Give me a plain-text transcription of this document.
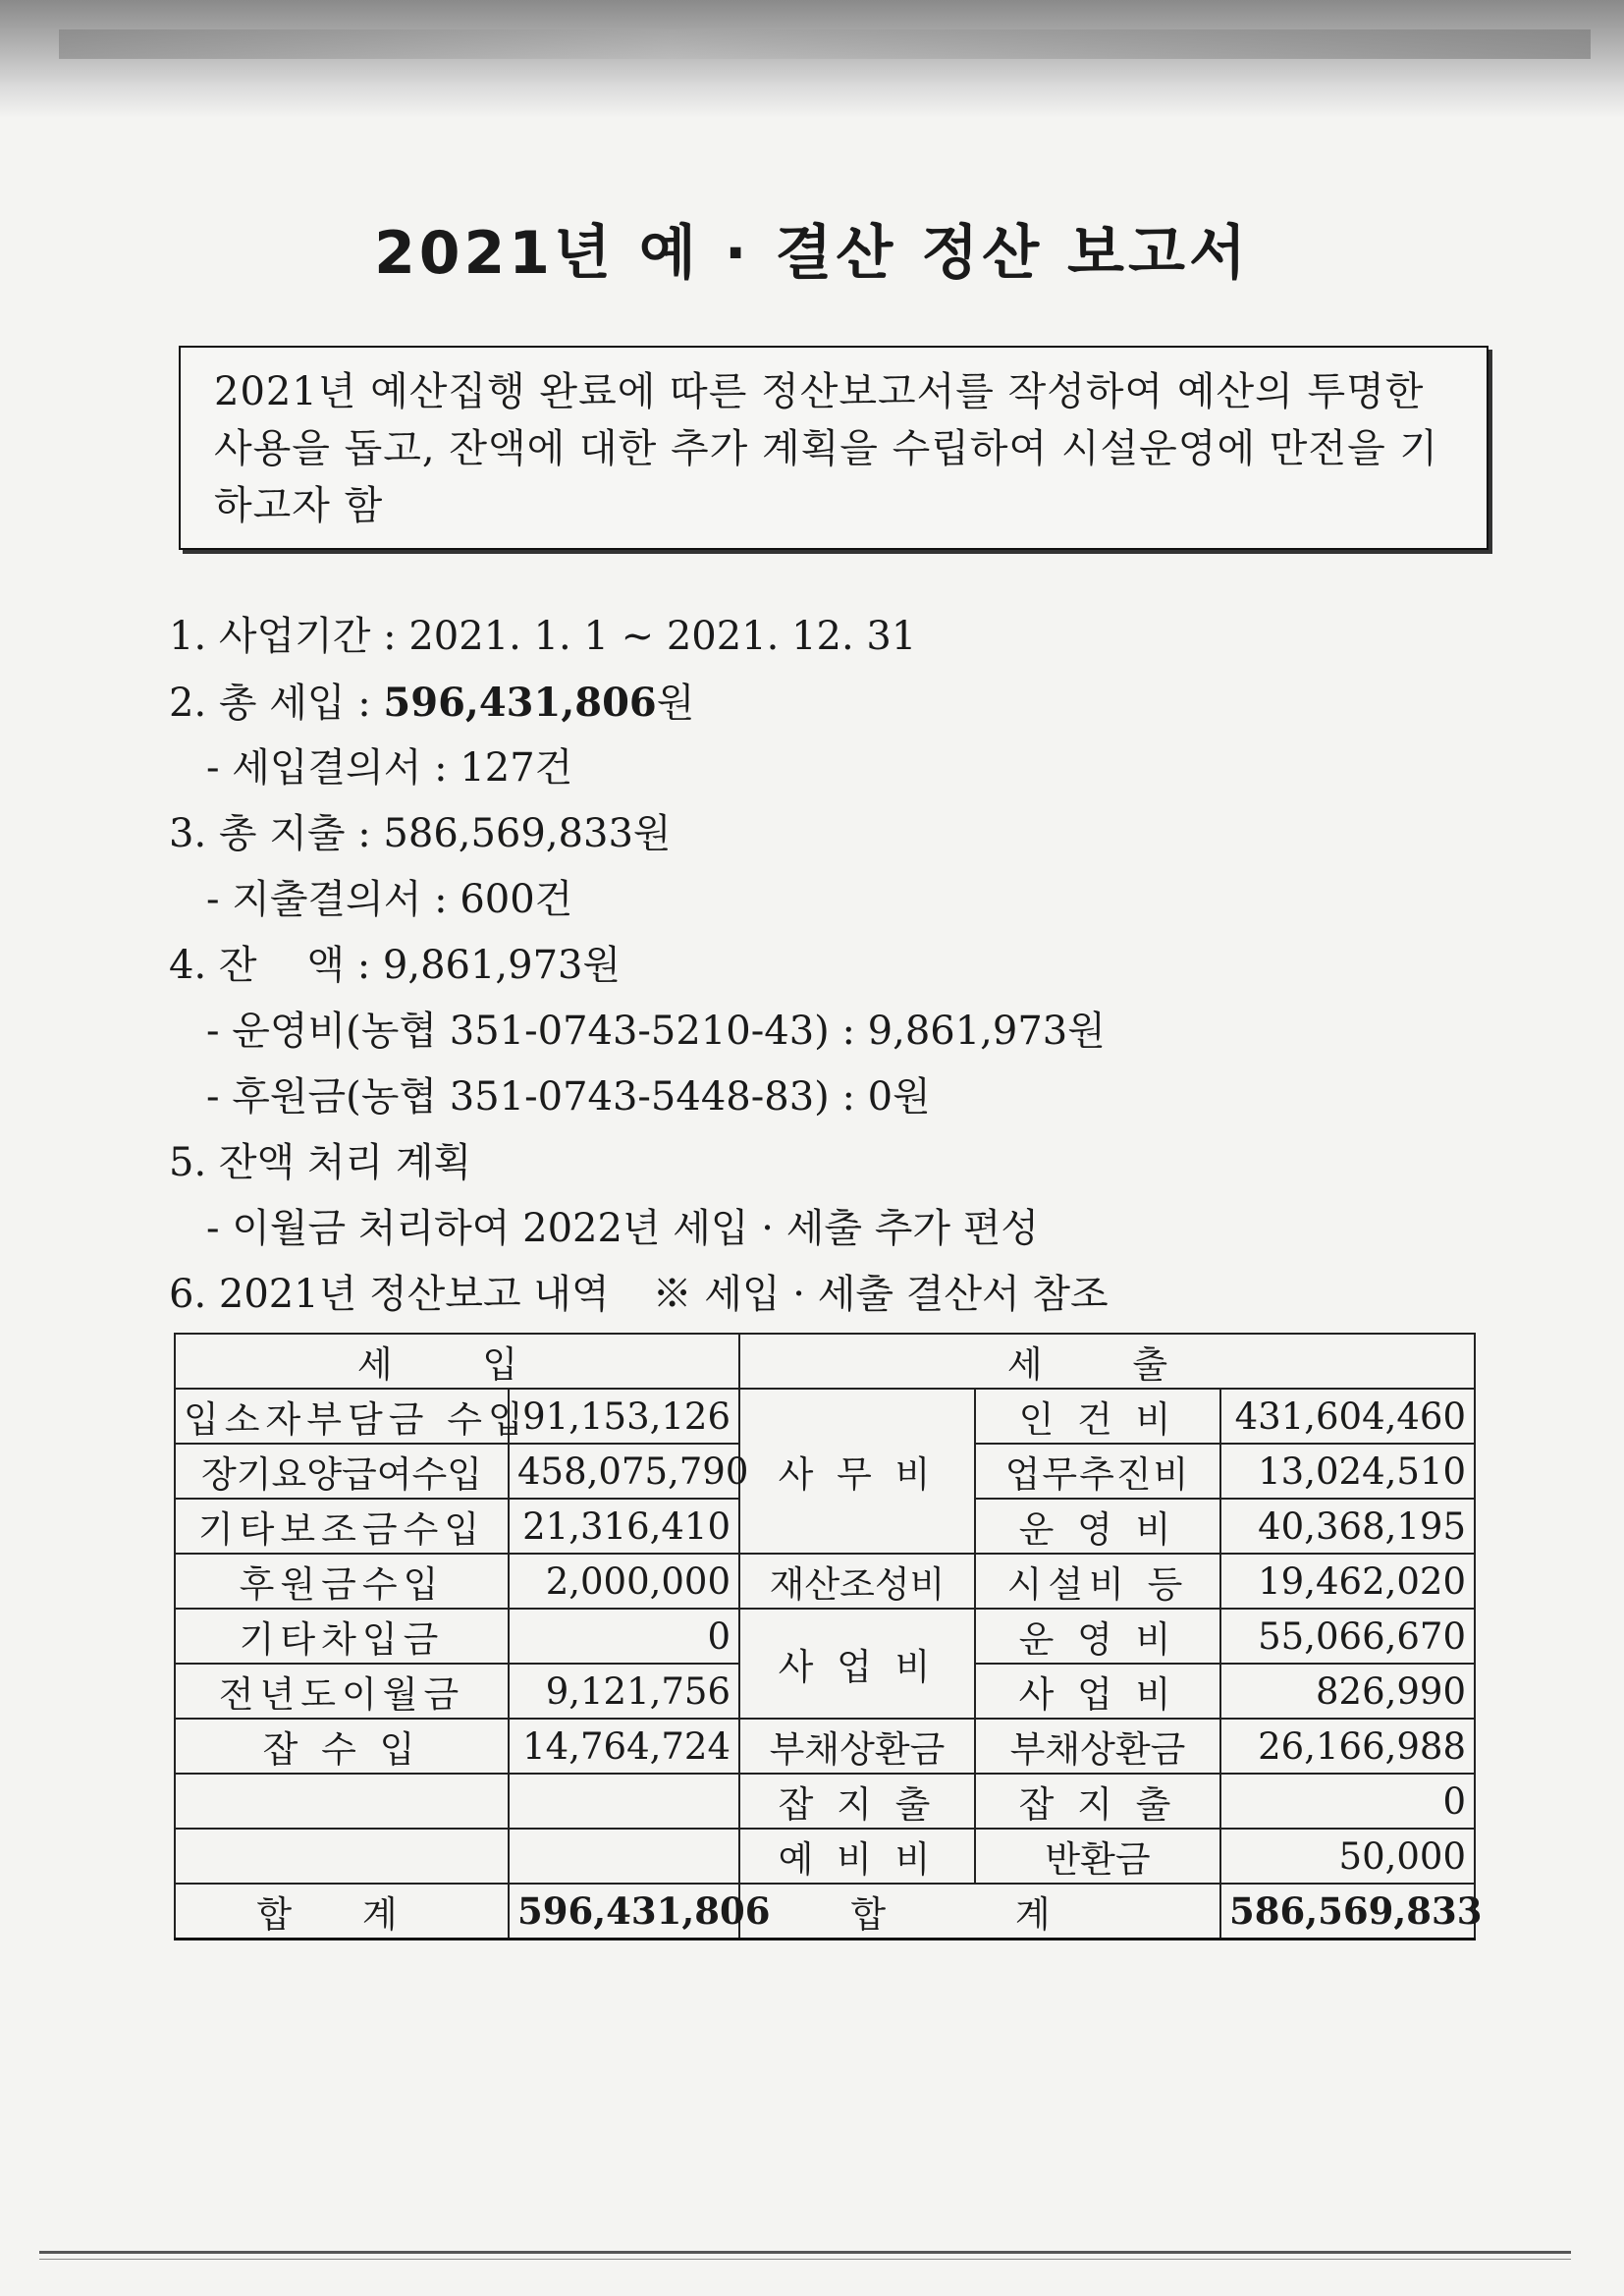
2021년 예 · 결산 정산 보고서
2021년 예산집행 완료에 따른 정산보고서를 작성하여 예산의 투명한 사용을 돕고, 잔액에 대한 추가 계획을 수립하여 시설운영에 만전을 기하고자 함
1. 사업기간 : 2021. 1. 1 ~ 2021. 12. 31
2. 총 세입 : 596,431,806원
- 세입결의서 : 127건
3. 총 지출 : 586,569,833원
- 지출결의서 : 600건
4. 잔    액 : 9,861,973원
- 운영비(농협 351-0743-5210-43) : 9,861,973원
- 후원금(농협 351-0743-5448-83) : 0원
5. 잔액 처리 계획
- 이월금 처리하여 2022년 세입 · 세출 추가 편성
6. 2021년 정산보고 내역 ※ 세입 · 세출 결산서 참조
세 입		세 출		
입소자부담금 수입	91,153,126	사 무 비	인 건 비	431,604,460
장기요양급여수입	458,075,790		업무추진비	13,024,510
기타보조금수입	21,316,410		운 영 비	40,368,195
후원금수입	2,000,000	재산조성비	시설비 등	19,462,020
기타차입금	0	사 업 비	운 영 비	55,066,670
전년도이월금	9,121,756		사 업 비	826,990
잡 수 입	14,764,724	부채상환금	부채상환금	26,166,988
		잡 지 출	잡 지 출	0
		예 비 비	반환금	50,000
합 계	596,431,806	합 계		586,569,833
